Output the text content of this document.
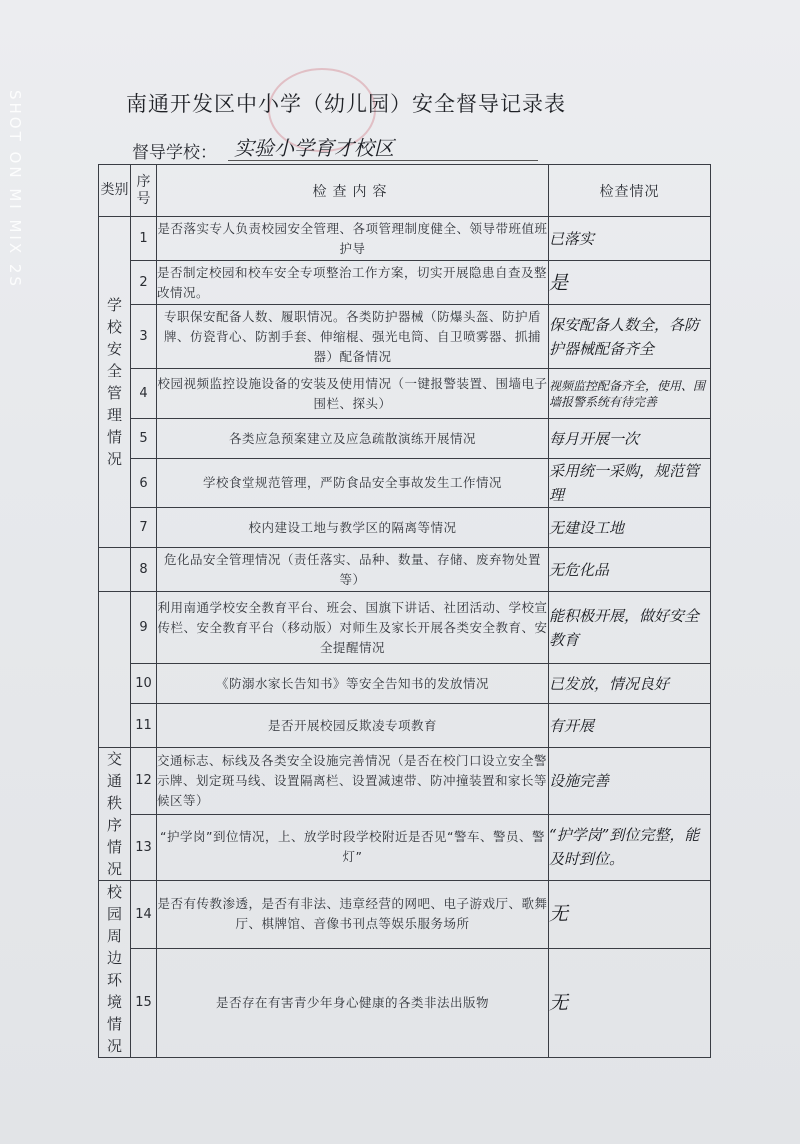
SHOT ON MI MIX 2S	南通开发区中小学（幼儿园）安全督导记录表
督导学校： 实验小学育才校区
类别	序号	检查内容	检查情况
学校安全管理情况	1	是否落实专人负责校园安全管理、各项管理制度健全、领导带班值班护导	已落实
	2	是否制定校园和校车安全专项整治工作方案，切实开展隐患自查及整改情况。	是
	3	专职保安配备人数、履职情况。各类防护器械（防爆头盔、防护盾牌、仿瓷背心、防割手套、伸缩棍、强光电筒、自卫喷雾器、抓捕器）配备情况	保安配备人数全，各防护器械配备齐全
	4	校园视频监控设施设备的安装及使用情况（一键报警装置、围墙电子围栏、探头）	视频监控配备齐全，使用、围墙报警系统有待完善
	5	各类应急预案建立及应急疏散演练开展情况	每月开展一次
	6	学校食堂规范管理，严防食品安全事故发生工作情况	采用统一采购，规范管理
	7	校内建设工地与教学区的隔离等情况	无建设工地
	8	危化品安全管理情况（责任落实、品种、数量、存储、废弃物处置等）	无危化品
	9	利用南通学校安全教育平台、班会、国旗下讲话、社团活动、学校宣传栏、安全教育平台（移动版）对师生及家长开展各类安全教育、安全提醒情况	能积极开展，做好安全教育
	10	《防溺水家长告知书》等安全告知书的发放情况	已发放，情况良好
	11	是否开展校园反欺凌专项教育	有开展
交通秩序情况	12	交通标志、标线及各类安全设施完善情况（是否在校门口设立安全警示牌、划定斑马线、设置隔离栏、设置减速带、防冲撞装置和家长等候区等）	设施完善
	13	“护学岗”到位情况，上、放学时段学校附近是否见“警车、警员、警灯”	“护学岗”到位完整，能及时到位。
校园周边环境情况	14	是否有传教渗透，是否有非法、违章经营的网吧、电子游戏厅、歌舞厅、棋牌馆、音像书刊点等娱乐服务场所	无
	15	是否存在有害青少年身心健康的各类非法出版物	无
